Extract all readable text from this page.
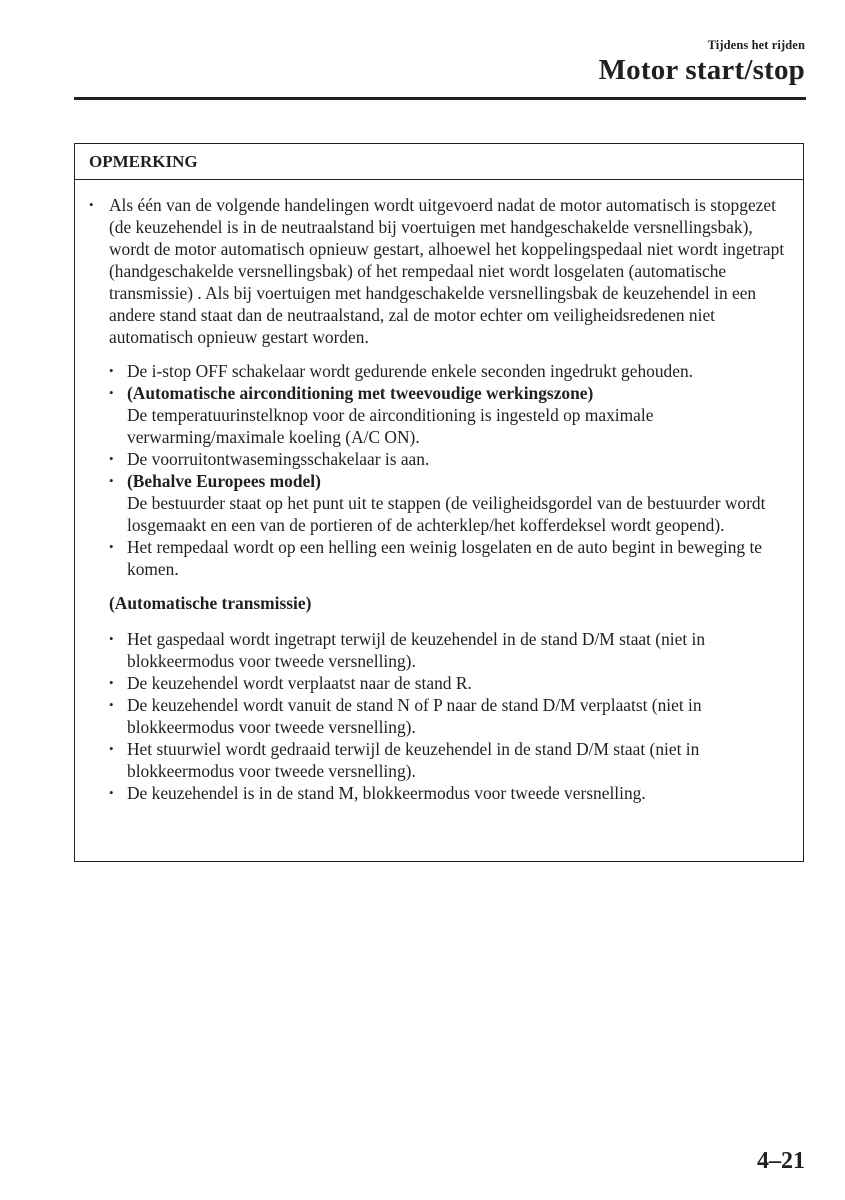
Tijdens het rijden
Motor start/stop
OPMERKING
• Als één van de volgende handelingen wordt uitgevoerd nadat de motor automatisch is stopgezet (de keuzehendel is in de neutraalstand bij voertuigen met handgeschakelde versnellingsbak), wordt de motor automatisch opnieuw gestart, alhoewel het koppelingspedaal niet wordt ingetrapt (handgeschakelde versnellingsbak) of het rempedaal niet wordt losgelaten (automatische transmissie) . Als bij voertuigen met handgeschakelde versnellingsbak de keuzehendel in een andere stand staat dan de neutraalstand, zal de motor echter om veiligheidsredenen niet automatisch opnieuw gestart worden.
• De i-stop OFF schakelaar wordt gedurende enkele seconden ingedrukt gehouden.
• (Automatische airconditioning met tweevoudige werkingszone)
De temperatuurinstelknop voor de airconditioning is ingesteld op maximale verwarming/maximale koeling (A/C ON).
• De voorruitontwasemingsschakelaar is aan.
• (Behalve Europees model)
De bestuurder staat op het punt uit te stappen (de veiligheidsgordel van de bestuurder wordt losgemaakt en een van de portieren of de achterklep/het kofferdeksel wordt geopend).
• Het rempedaal wordt op een helling een weinig losgelaten en de auto begint in beweging te komen.
(Automatische transmissie)
• Het gaspedaal wordt ingetrapt terwijl de keuzehendel in de stand D/M staat (niet in blokkeermodus voor tweede versnelling).
• De keuzehendel wordt verplaatst naar de stand R.
• De keuzehendel wordt vanuit de stand N of P naar de stand D/M verplaatst (niet in blokkeermodus voor tweede versnelling).
• Het stuurwiel wordt gedraaid terwijl de keuzehendel in de stand D/M staat (niet in blokkeermodus voor tweede versnelling).
• De keuzehendel is in de stand M, blokkeermodus voor tweede versnelling.
4–21
